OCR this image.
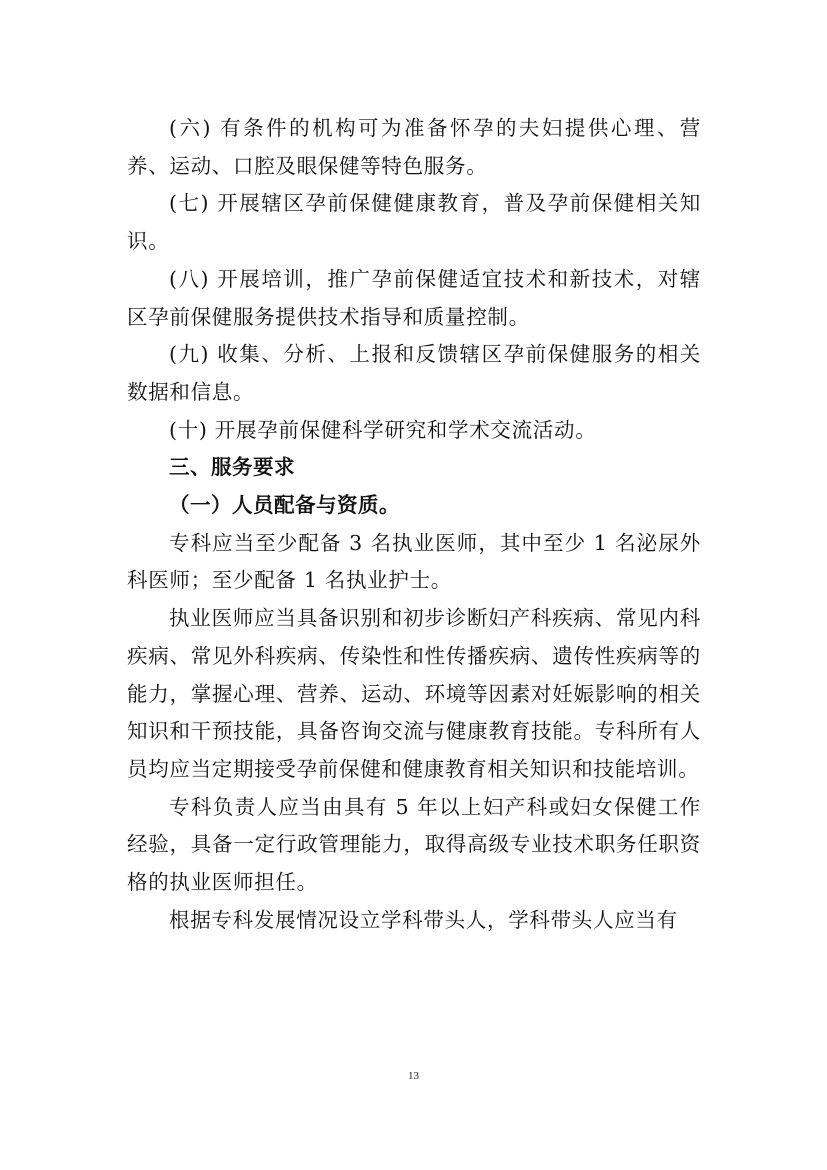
(六) 有条件的机构可为准备怀孕的夫妇提供心理、营养、运动、口腔及眼保健等特色服务。

(七) 开展辖区孕前保健健康教育，普及孕前保健相关知识。

(八) 开展培训，推广孕前保健适宜技术和新技术，对辖区孕前保健服务提供技术指导和质量控制。

(九) 收集、分析、上报和反馈辖区孕前保健服务的相关数据和信息。

(十) 开展孕前保健科学研究和学术交流活动。

三、服务要求

（一）人员配备与资质。

专科应当至少配备 3 名执业医师，其中至少 1 名泌尿外科医师；至少配备 1 名执业护士。

执业医师应当具备识别和初步诊断妇产科疾病、常见内科疾病、常见外科疾病、传染性和性传播疾病、遗传性疾病等的能力，掌握心理、营养、运动、环境等因素对妊娠影响的相关知识和干预技能，具备咨询交流与健康教育技能。专科所有人员均应当定期接受孕前保健和健康教育相关知识和技能培训。

专科负责人应当由具有 5 年以上妇产科或妇女保健工作经验，具备一定行政管理能力，取得高级专业技术职务任职资格的执业医师担任。

根据专科发展情况设立学科带头人，学科带头人应当有

13
